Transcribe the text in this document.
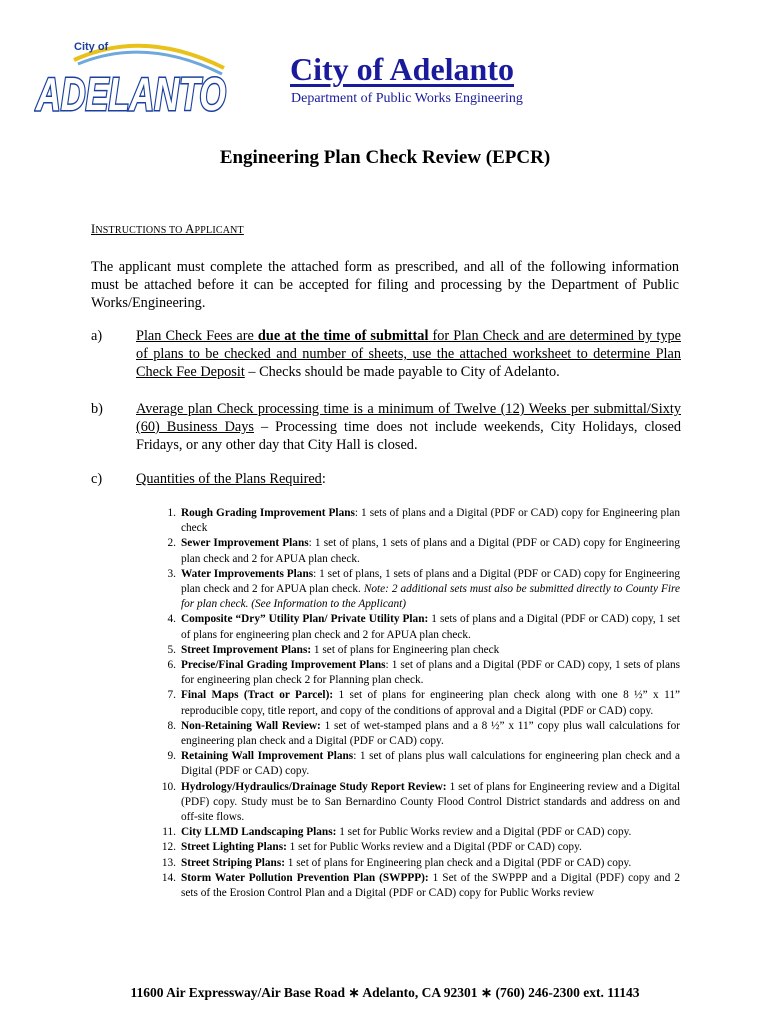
City of
ADELANTO
ADELANTO City of Adelanto
Department of Public Works Engineering
Engineering Plan Check Review (EPCR)
INSTRUCTIONS TO APPLICANT
The applicant must complete the attached form as prescribed, and all of the following information must be attached before it can be accepted for filing and processing by the Department of Public Works/Engineering.
a) Plan Check Fees are due at the time of submittal for Plan Check and are determined by type of plans to be checked and number of sheets, use the attached worksheet to determine Plan Check Fee Deposit – Checks should be made payable to City of Adelanto.
b) Average plan Check processing time is a minimum of Twelve (12) Weeks per submittal/Sixty (60) Business Days – Processing time does not include weekends, City Holidays, closed Fridays, or any other day that City Hall is closed.
c) Quantities of the Plans Required:
1. Rough Grading Improvement Plans: 1 sets of plans and a Digital (PDF or CAD) copy for Engineering plan check
2. Sewer Improvement Plans: 1 set of plans, 1 sets of plans and a Digital (PDF or CAD) copy for Engineering plan check and 2 for APUA plan check.
3. Water Improvements Plans: 1 set of plans, 1 sets of plans and a Digital (PDF or CAD) copy for Engineering plan check and 2 for APUA plan check. Note: 2 additional sets must also be submitted directly to County Fire for plan check. (See Information to the Applicant)
4. Composite “Dry” Utility Plan/ Private Utility Plan: 1 sets of plans and a Digital (PDF or CAD) copy, 1 set of plans for engineering plan check and 2 for APUA plan check.
5. Street Improvement Plans: 1 set of plans for Engineering plan check
6. Precise/Final Grading Improvement Plans: 1 set of plans and a Digital (PDF or CAD) copy, 1 sets of plans for engineering plan check 2 for Planning plan check.
7. Final Maps (Tract or Parcel): 1 set of plans for engineering plan check along with one 8 ½” x 11” reproducible copy, title report, and copy of the conditions of approval and a Digital (PDF or CAD) copy.
8. Non-Retaining Wall Review: 1 set of wet-stamped plans and a 8 ½” x 11” copy plus wall calculations for engineering plan check and a Digital (PDF or CAD) copy.
9. Retaining Wall Improvement Plans: 1 set of plans plus wall calculations for engineering plan check and a Digital (PDF or CAD) copy.
10. Hydrology/Hydraulics/Drainage Study Report Review: 1 set of plans for Engineering review and a Digital (PDF) copy. Study must be to San Bernardino County Flood Control District standards and address on and off-site flows.
11. City LLMD Landscaping Plans: 1 set for Public Works review and a Digital (PDF or CAD) copy.
12. Street Lighting Plans: 1 set for Public Works review and a Digital (PDF or CAD) copy.
13. Street Striping Plans: 1 set of plans for Engineering plan check and a Digital (PDF or CAD) copy.
14. Storm Water Pollution Prevention Plan (SWPPP): 1 Set of the SWPPP and a Digital (PDF) copy and 2 sets of the Erosion Control Plan and a Digital (PDF or CAD) copy for Public Works review
11600 Air Expressway/Air Base Road ∗ Adelanto, CA 92301 ∗ (760) 246-2300 ext. 11143
